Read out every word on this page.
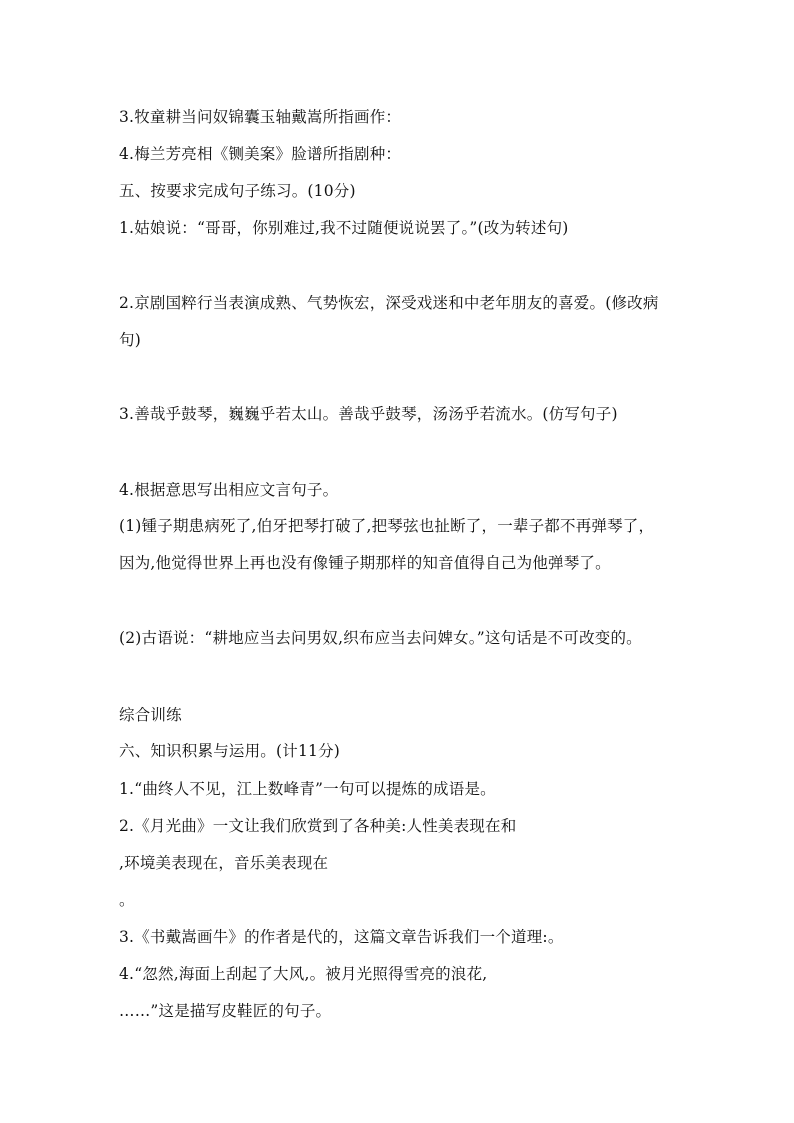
3.牧童耕当问奴锦囊玉轴戴嵩所指画作：
4.梅兰芳亮相《铡美案》脸谱所指剧种：
五、按要求完成句子练习。(10分)
1.姑娘说：“哥哥，你别难过,我不过随便说说罢了。”(改为转述句)
2.京剧国粹行当表演成熟、气势恢宏，深受戏迷和中老年朋友的喜爱。(修改病
句)
3.善哉乎鼓琴，巍巍乎若太山。善哉乎鼓琴，汤汤乎若流水。(仿写句子)
4.根据意思写出相应文言句子。
(1)锺子期患病死了,伯牙把琴打破了,把琴弦也扯断了，一辈子都不再弹琴了，
因为,他觉得世界上再也没有像锺子期那样的知音值得自己为他弹琴了。
(2)古语说：“耕地应当去问男奴,织布应当去问婢女。”这句话是不可改变的。
综合训练
六、知识积累与运用。(计11分)
1.“曲终人不见，江上数峰青”一句可以提炼的成语是。
2.《月光曲》一文让我们欣赏到了各种美:人性美表现在和
,环境美表现在，音乐美表现在
。
3.《书戴嵩画牛》的作者是代的，这篇文章告诉我们一个道理:。
4.“忽然,海面上刮起了大风,。被月光照得雪亮的浪花,
……”这是描写皮鞋匠的句子。
